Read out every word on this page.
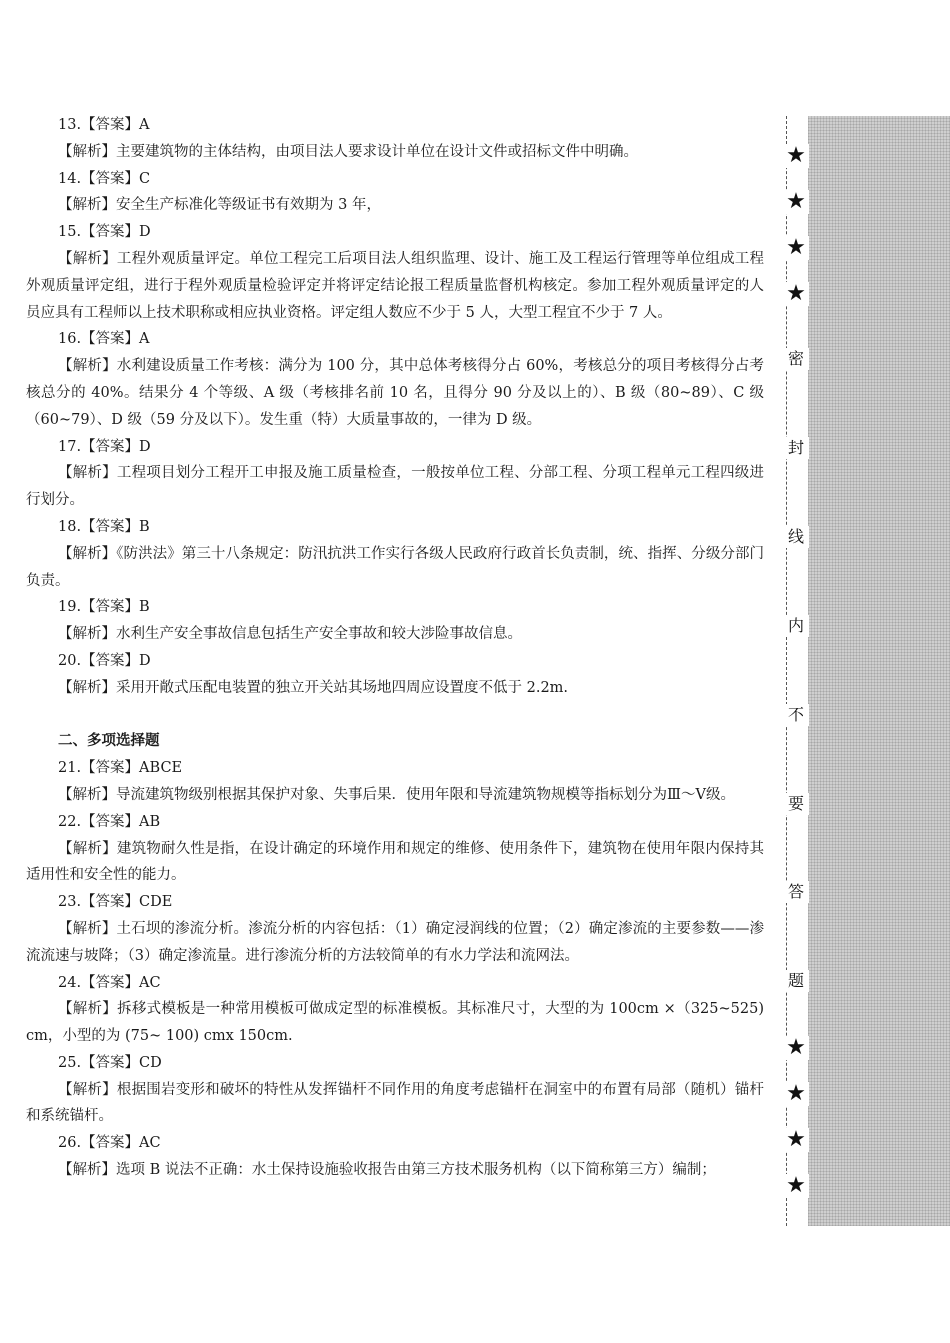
13.【答案】A

【解析】主要建筑物的主体结构，由项目法人要求设计单位在设计文件或招标文件中明确。

14.【答案】C

【解析】安全生产标准化等级证书有效期为 3 年，

15.【答案】D

【解析】工程外观质量评定。单位工程完工后项目法人组织监理、设计、施工及工程运行管理等单位组成工程外观质量评定组，进行于程外观质量检验评定并将评定结论报工程质量监督机构核定。参加工程外观质量评定的人员应具有工程师以上技术职称或相应执业资格。评定组人数应不少于 5 人，大型工程宜不少于 7 人。

16.【答案】A

【解析】水利建设质量工作考核：满分为 100 分，其中总体考核得分占 60%，考核总分的项目考核得分占考核总分的 40%。结果分 4 个等级、A 级（考核排名前 10 名，且得分 90 分及以上的）、B 级（80~89）、C 级（60~79）、D 级（59 分及以下）。发生重（特）大质量事故的，一律为 D 级。

17.【答案】D

【解析】工程项目划分工程开工申报及施工质量检查，一般按单位工程、分部工程、分项工程单元工程四级进行划分。

18.【答案】B

【解析】《防洪法》第三十八条规定：防汛抗洪工作实行各级人民政府行政首长负责制，统、指挥、分级分部门负责。

19.【答案】B

【解析】水利生产安全事故信息包括生产安全事故和较大涉险事故信息。

20.【答案】D

【解析】采用开敞式压配电装置的独立开关站其场地四周应设置度不低于 2.2m.

二、多项选择题

21.【答案】ABCE

【解析】导流建筑物级别根据其保护对象、失事后果．使用年限和导流建筑物规模等指标划分为Ⅲ～Ⅴ级。

22.【答案】AB

【解析】建筑物耐久性是指，在设计确定的环境作用和规定的维修、使用条件下，建筑物在使用年限内保持其适用性和安全性的能力。

23.【答案】CDE

【解析】土石坝的渗流分析。渗流分析的内容包括：（1）确定浸润线的位置；（2）确定渗流的主要参数——渗流流速与坡降；（3）确定渗流量。进行渗流分析的方法较简单的有水力学法和流网法。

24.【答案】AC

【解析】拆移式模板是一种常用模板可做成定型的标准模板。其标准尺寸，大型的为 100cm ×（325~525) cm，小型的为 (75~ 100) cmx 150cm.

25.【答案】CD

【解析】根据围岩变形和破坏的特性从发挥锚杆不同作用的角度考虑锚杆在洞室中的布置有局部（随机）锚杆和系统锚杆。

26.【答案】AC

【解析】选项 B 说法不正确：水土保持设施验收报告由第三方技术服务机构（以下简称第三方）编制；

★
★
★
★
密
封
线
内
不
要
答
题
★
★
★
★
